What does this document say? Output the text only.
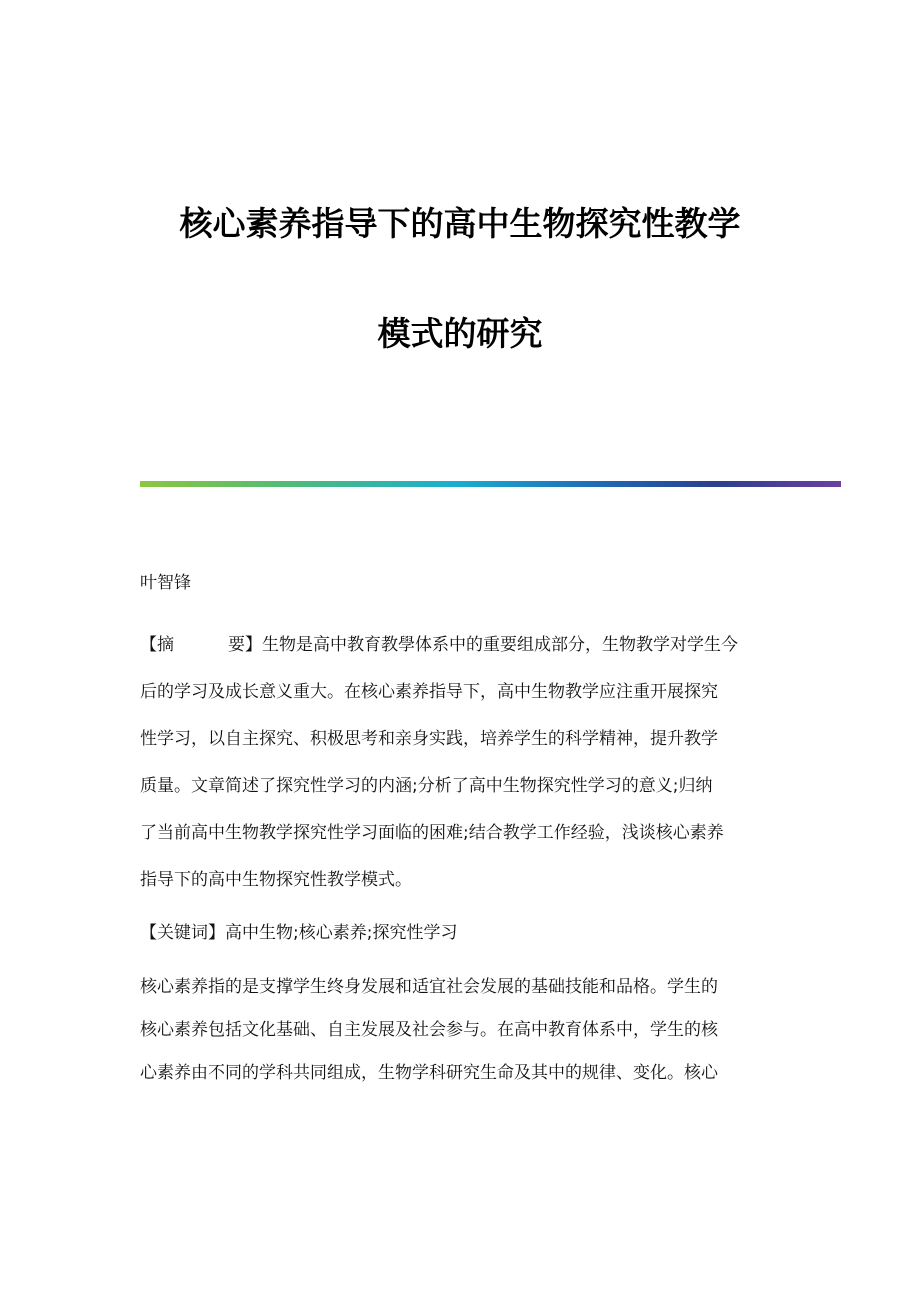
核心素养指导下的高中生物探究性教学
模式的研究
叶智锋
【摘	要】生物是高中教育教學体系中的重要组成部分，生物教学对学生今
后的学习及成长意义重大。在核心素养指导下，高中生物教学应注重开展探究
性学习，以自主探究、积极思考和亲身实践，培养学生的科学精神，提升教学
质量。文章简述了探究性学习的内涵;分析了高中生物探究性学习的意义;归纳
了当前高中生物教学探究性学习面临的困难;结合教学工作经验，浅谈核心素养
指导下的高中生物探究性教学模式。
【关键词】高中生物;核心素养;探究性学习
核心素养指的是支撑学生终身发展和适宜社会发展的基础技能和品格。学生的
核心素养包括文化基础、自主发展及社会参与。在高中教育体系中，学生的核
心素养由不同的学科共同组成，生物学科研究生命及其中的规律、变化。核心
